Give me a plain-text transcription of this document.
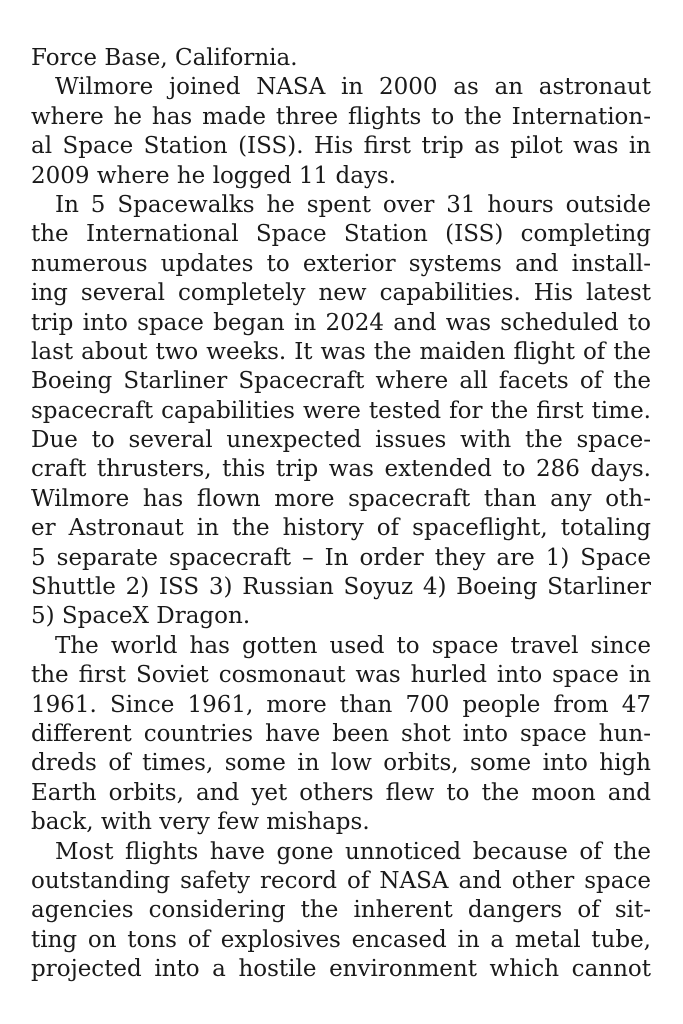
Force Base, California.
Wilmore joined NASA in 2000 as an astronaut
where he has made three flights to the Internation-
al Space Station (ISS). His first trip as pilot was in
2009 where he logged 11 days.
In 5 Spacewalks he spent over 31 hours outside
the International Space Station (ISS) completing
numerous updates to exterior systems and install-
ing several completely new capabilities. His latest
trip into space began in 2024 and was scheduled to
last about two weeks. It was the maiden flight of the
Boeing Starliner Spacecraft where all facets of the
spacecraft capabilities were tested for the first time.
Due to several unexpected issues with the space-
craft thrusters, this trip was extended to 286 days.
Wilmore has flown more spacecraft than any oth-
er Astronaut in the history of spaceflight, totaling
5 separate spacecraft – In order they are 1) Space
Shuttle 2) ISS 3) Russian Soyuz 4) Boeing Starliner
5) SpaceX Dragon.
The world has gotten used to space travel since
the first Soviet cosmonaut was hurled into space in
1961. Since 1961, more than 700 people from 47
different countries have been shot into space hun-
dreds of times, some in low orbits, some into high
Earth orbits, and yet others flew to the moon and
back, with very few mishaps.
Most flights have gone unnoticed because of the
outstanding safety record of NASA and other space
agencies considering the inherent dangers of sit-
ting on tons of explosives encased in a metal tube,
projected into a hostile environment which cannot
